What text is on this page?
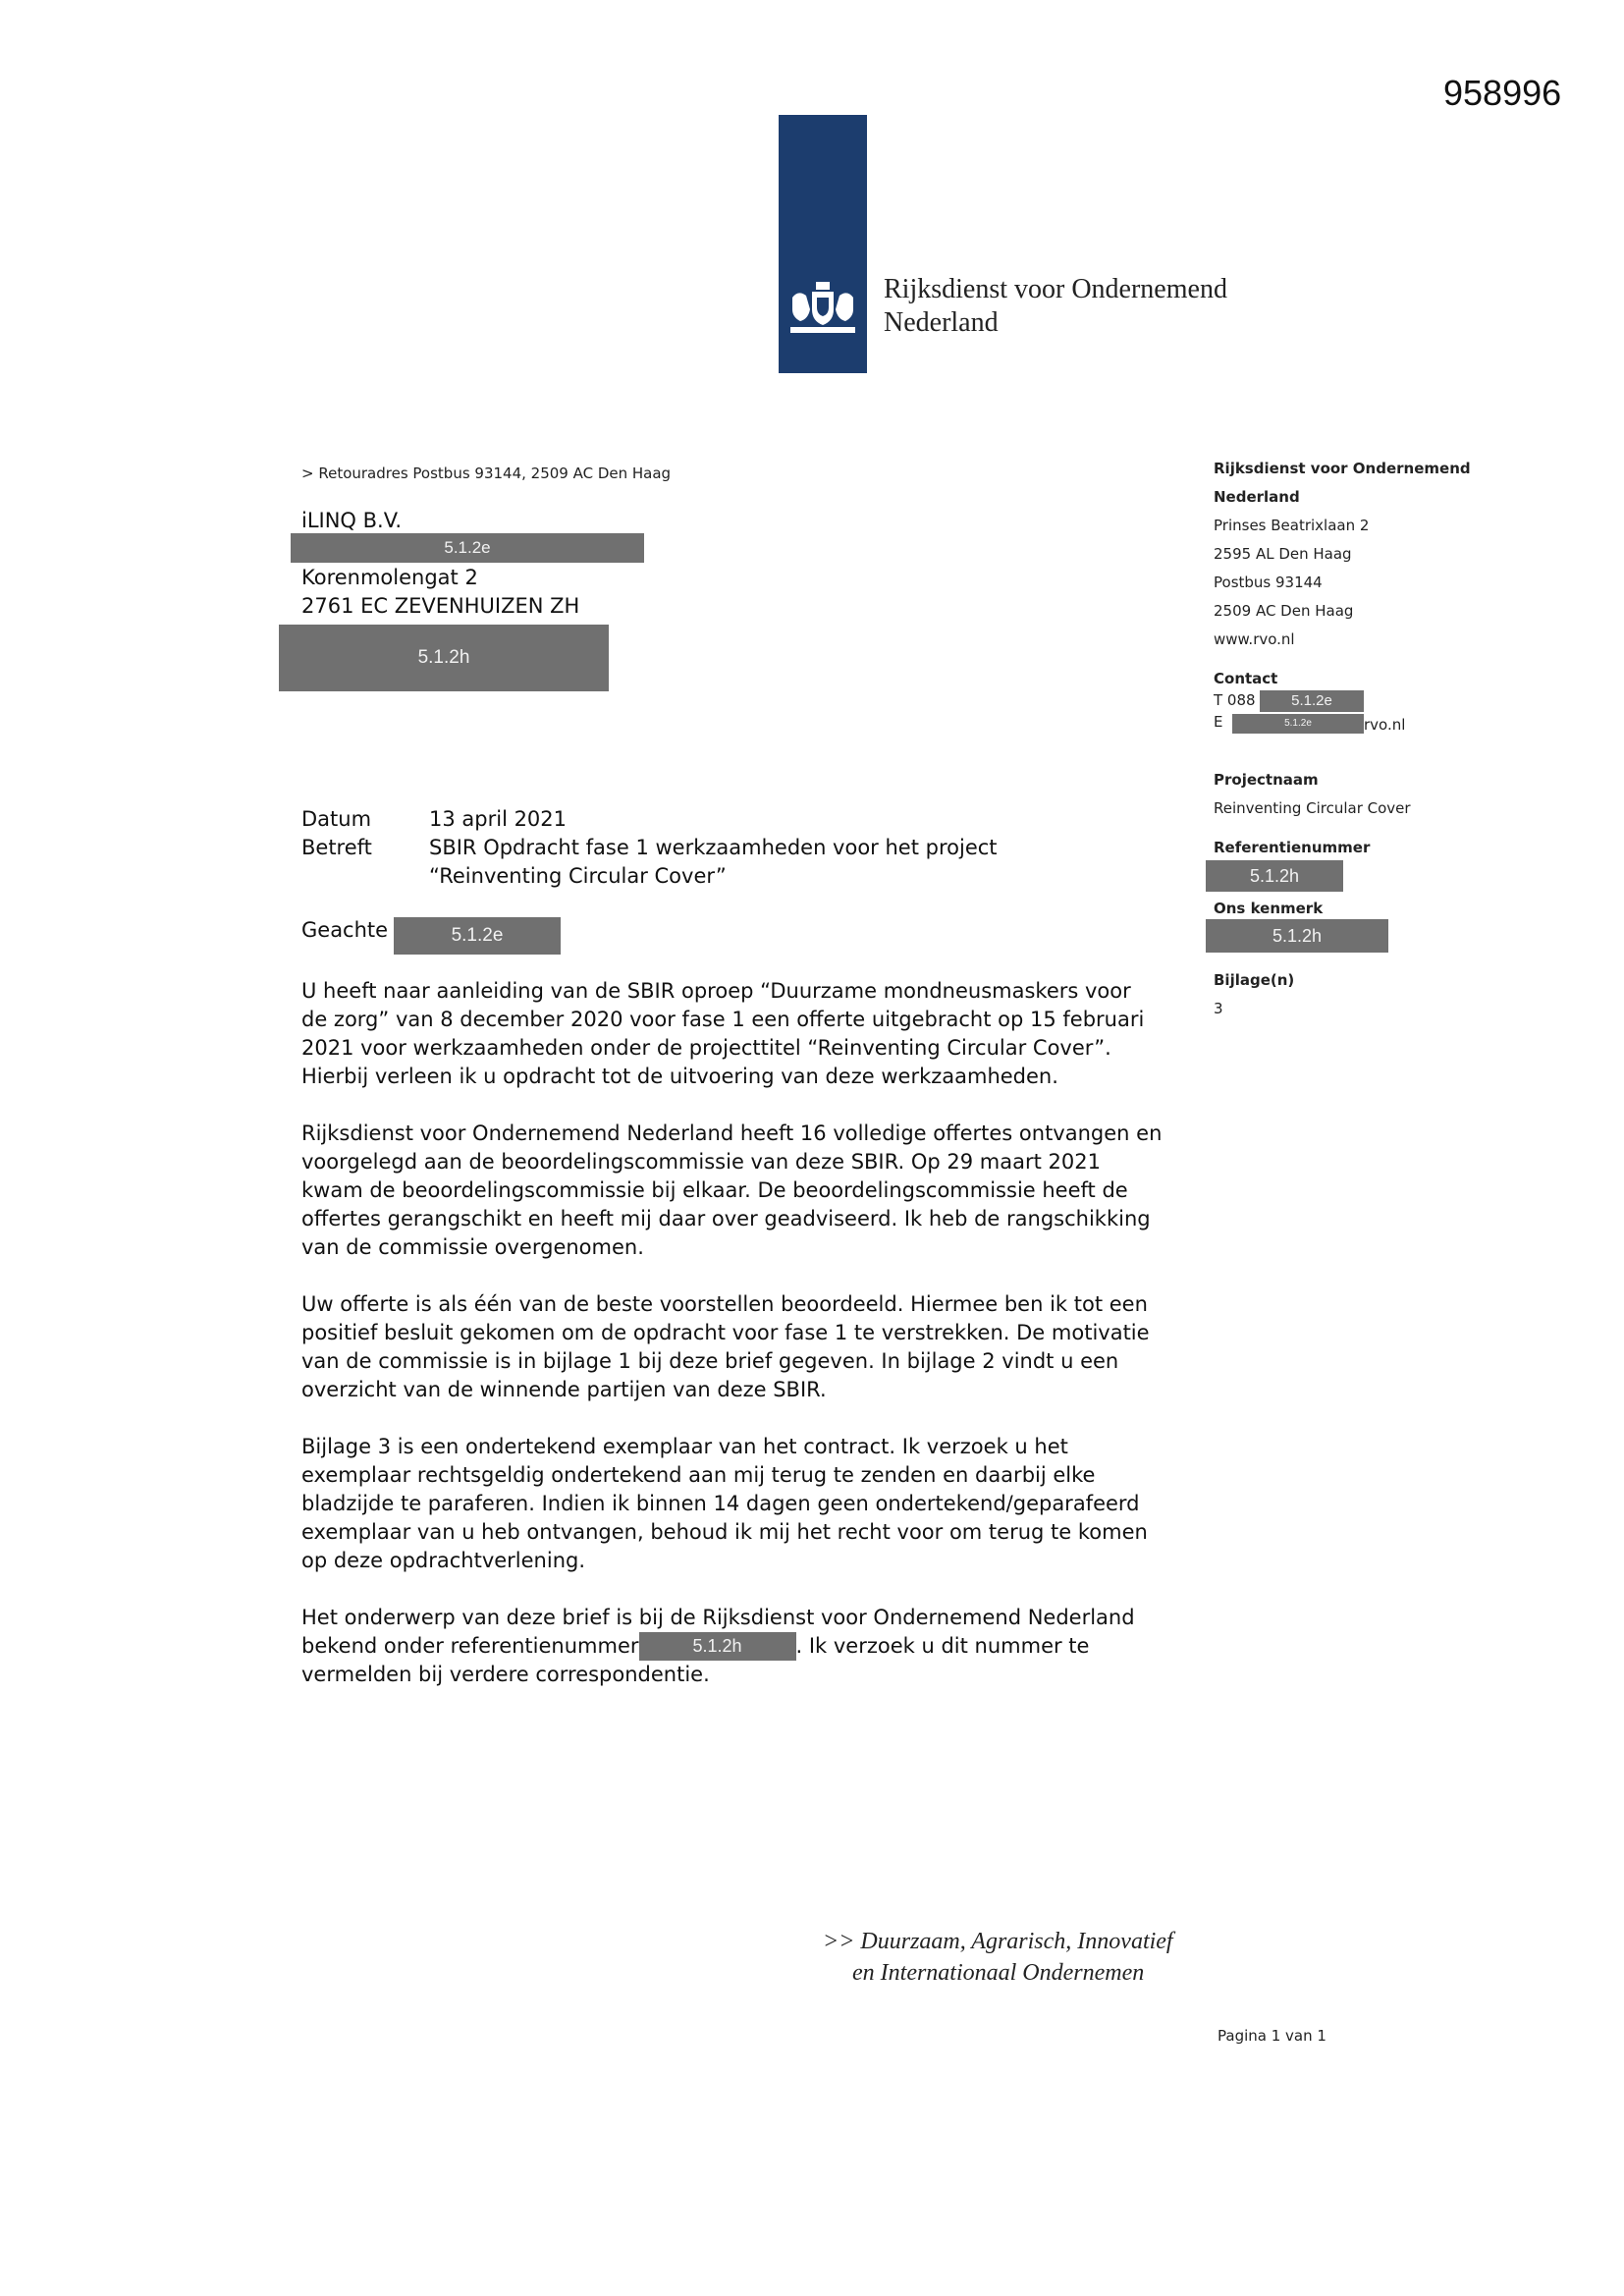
958996
Rijksdienst voor Ondernemend
Nederland
> Retouradres Postbus 93144, 2509 AC Den Haag
iLINQ B.V.
Korenmolengat 2
2761 EC ZEVENHUIZEN ZH
5.1.2e
5.1.2h
Rijksdienst voor Ondernemend
Nederland
Prinses Beatrixlaan 2
2595 AL Den Haag
Postbus 93144
2509 AC Den Haag
www.rvo.nl
Contact
T 088
E
5.1.2e
5.1.2e	rvo.nl
Projectnaam
Reinventing Circular Cover
Referentienummer
5.1.2h
Ons kenmerk
5.1.2h
Bijlage(n)
3
Datum	13 april 2021
Betreft	SBIR Opdracht fase 1 werkzaamheden voor het project
“Reinventing Circular Cover”
Geachte	5.1.2e

U heeft naar aanleiding van de SBIR oproep “Duurzame mondneusmaskers voor
de zorg” van 8 december 2020 voor fase 1 een offerte uitgebracht op 15 februari
2021 voor werkzaamheden onder de projecttitel “Reinventing Circular Cover”.
Hierbij verleen ik u opdracht tot de uitvoering van deze werkzaamheden.

Rijksdienst voor Ondernemend Nederland heeft 16 volledige offertes ontvangen en
voorgelegd aan de beoordelingscommissie van deze SBIR. Op 29 maart 2021
kwam de beoordelingscommissie bij elkaar. De beoordelingscommissie heeft de
offertes gerangschikt en heeft mij daar over geadviseerd. Ik heb de rangschikking
van de commissie overgenomen.

Uw offerte is als één van de beste voorstellen beoordeeld. Hiermee ben ik tot een
positief besluit gekomen om de opdracht voor fase 1 te verstrekken. De motivatie
van de commissie is in bijlage 1 bij deze brief gegeven. In bijlage 2 vindt u een
overzicht van de winnende partijen van deze SBIR.

Bijlage 3 is een ondertekend exemplaar van het contract. Ik verzoek u het
exemplaar rechtsgeldig ondertekend aan mij terug te zenden en daarbij elke
bladzijde te paraferen. Indien ik binnen 14 dagen geen ondertekend/geparafeerd
exemplaar van u heb ontvangen, behoud ik mij het recht voor om terug te komen
op deze opdrachtverlening.

Het onderwerp van deze brief is bij de Rijksdienst voor Ondernemend Nederland
bekend onder referentienummer	5.1.2h	. Ik verzoek u dit nummer te
vermelden bij verdere correspondentie.

>> Duurzaam, Agrarisch, Innovatief
en Internationaal Ondernemen
Pagina 1 van 1
